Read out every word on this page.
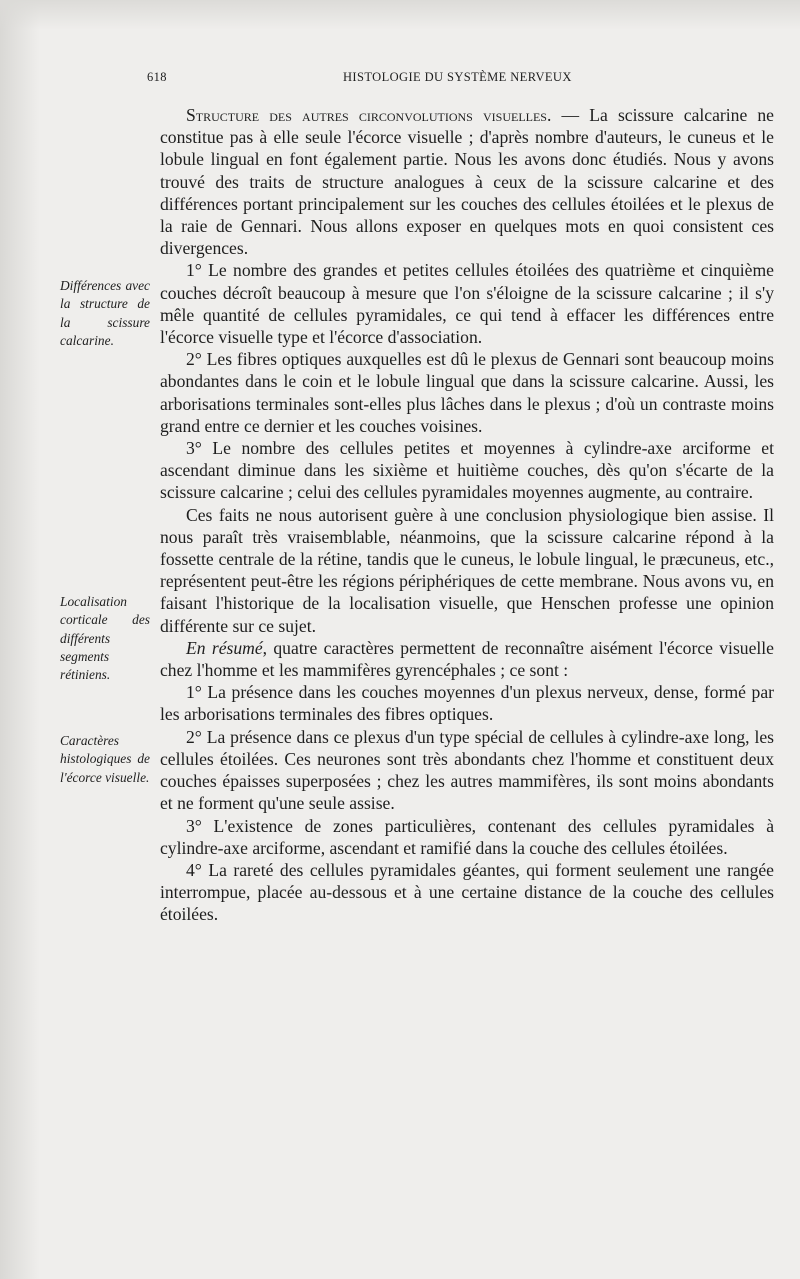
618	HISTOLOGIE DU SYSTÈME NERVEUX
Différences avec la structure de la scissure calcarine.
Localisation corticale des différents segments rétiniens.
Caractères histologiques de l'écorce visuelle.

Structure des autres circonvolutions visuelles. — La scissure calcarine ne constitue pas à elle seule l'écorce visuelle ; d'après nombre d'auteurs, le cuneus et le lobule lingual en font également partie. Nous les avons donc étudiés. Nous y avons trouvé des traits de structure analogues à ceux de la scissure calcarine et des différences portant principalement sur les couches des cellules étoilées et le plexus de la raie de Gennari. Nous allons exposer en quelques mots en quoi consistent ces divergences.

1° Le nombre des grandes et petites cellules étoilées des quatrième et cinquième couches décroît beaucoup à mesure que l'on s'éloigne de la scissure calcarine ; il s'y mêle quantité de cellules pyramidales, ce qui tend à effacer les différences entre l'écorce visuelle type et l'écorce d'association.

2° Les fibres optiques auxquelles est dû le plexus de Gennari sont beaucoup moins abondantes dans le coin et le lobule lingual que dans la scissure calcarine. Aussi, les arborisations terminales sont-elles plus lâches dans le plexus ; d'où un contraste moins grand entre ce dernier et les couches voisines.

3° Le nombre des cellules petites et moyennes à cylindre-axe arciforme et ascendant diminue dans les sixième et huitième couches, dès qu'on s'écarte de la scissure calcarine ; celui des cellules pyramidales moyennes augmente, au contraire.

Ces faits ne nous autorisent guère à une conclusion physiologique bien assise. Il nous paraît très vraisemblable, néanmoins, que la scissure calcarine répond à la fossette centrale de la rétine, tandis que le cuneus, le lobule lingual, le præcuneus, etc., représentent peut-être les régions périphériques de cette membrane. Nous avons vu, en faisant l'historique de la localisation visuelle, que Henschen professe une opinion différente sur ce sujet.

En résumé, quatre caractères permettent de reconnaître aisément l'écorce visuelle chez l'homme et les mammifères gyrencéphales ; ce sont :

1° La présence dans les couches moyennes d'un plexus nerveux, dense, formé par les arborisations terminales des fibres optiques.

2° La présence dans ce plexus d'un type spécial de cellules à cylindre-axe long, les cellules étoilées. Ces neurones sont très abondants chez l'homme et constituent deux couches épaisses superposées ; chez les autres mammifères, ils sont moins abondants et ne forment qu'une seule assise.

3° L'existence de zones particulières, contenant des cellules pyramidales à cylindre-axe arciforme, ascendant et ramifié dans la couche des cellules étoilées.

4° La rareté des cellules pyramidales géantes, qui forment seulement une rangée interrompue, placée au-dessous et à une certaine distance de la couche des cellules étoilées.
